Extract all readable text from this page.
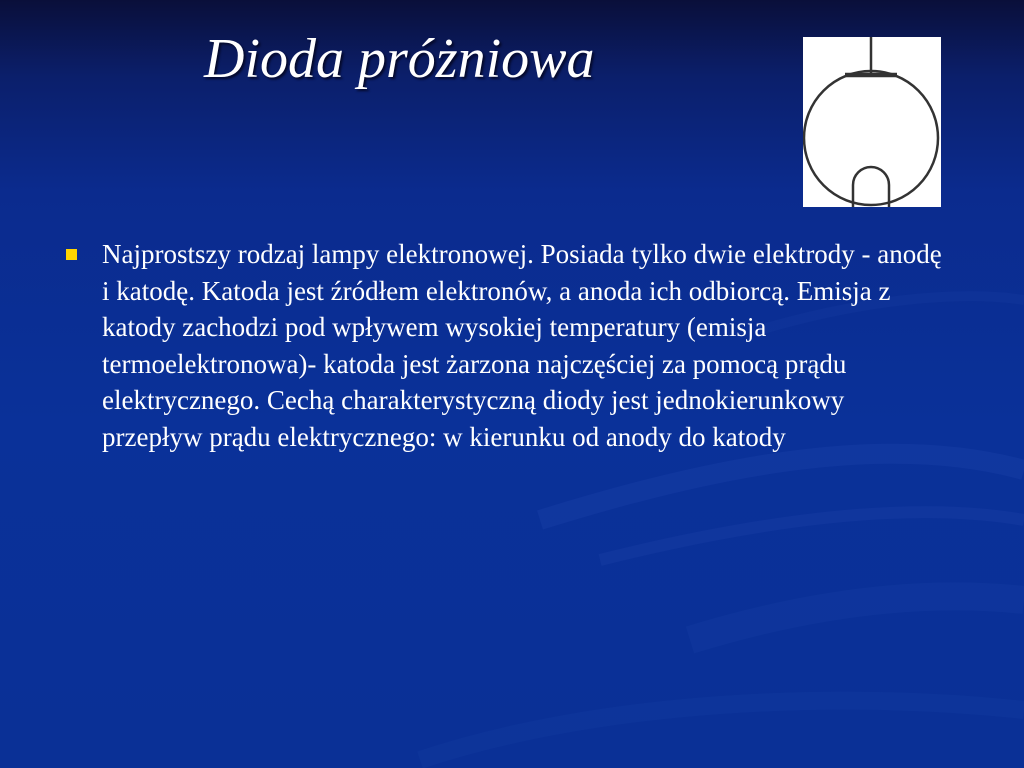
Dioda próżniowa
Najprostszy rodzaj lampy elektronowej. Posiada tylko dwie elektrody - anodę i katodę. Katoda jest źródłem elektronów, a anoda ich odbiorcą. Emisja z katody zachodzi pod wpływem wysokiej temperatury (emisja termoelektronowa)- katoda jest żarzona najczęściej za pomocą prądu elektrycznego. Cechą charakterystyczną diody jest jednokierunkowy przepływ prądu elektrycznego: w kierunku od anody do katody
